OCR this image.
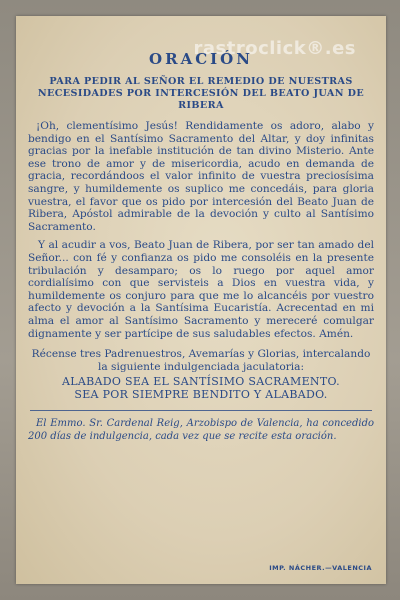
rastroclick®.es
ORACIÓN

PARA PEDIR AL SEÑOR EL REMEDIO DE NUESTRAS NECESIDADES POR INTERCESIÓN DEL BEATO JUAN DE RIBERA

¡Oh, clementísimo Jesús! Rendidamente os adoro, alabo y bendigo en el Santísimo Sacramento del Altar, y doy infinitas gracias por la inefable institución de tan divino Misterio. Ante ese trono de amor y de misericordia, acudo en demanda de gracia, recordándoos el valor infinito de vuestra preciosísima sangre, y humildemente os suplico me concedáis, para gloria vuestra, el favor que os pido por intercesión del Beato Juan de Ribera, Apóstol admirable de la devoción y culto al Santísimo Sacramento.

Y al acudir a vos, Beato Juan de Ribera, por ser tan amado del Señor... con fé y confianza os pido me consoléis en la presente tribulación y desamparo; os lo ruego por aquel amor cordialísimo con que servisteis a Dios en vuestra vida, y humildemente os conjuro para que me lo alcancéis por vuestro afecto y devoción a la Santísima Eucaristía. Acrecentad en mi alma el amor al Santísimo Sacramento y mereceré comulgar dignamente y ser partícipe de sus saludables efectos. Amén.

Récense tres Padrenuestros, Avemarías y Glorias, intercalando la siguiente indulgenciada jaculatoria:

ALABADO SEA EL SANTÍSIMO SACRAMENTO.
SEA POR SIEMPRE BENDITO Y ALABADO.

El Emmo. Sr. Cardenal Reig, Arzobispo de Valencia, ha concedido 200 días de indulgencia, cada vez que se recite esta oración.

IMP. NÁCHER.—VALENCIA
